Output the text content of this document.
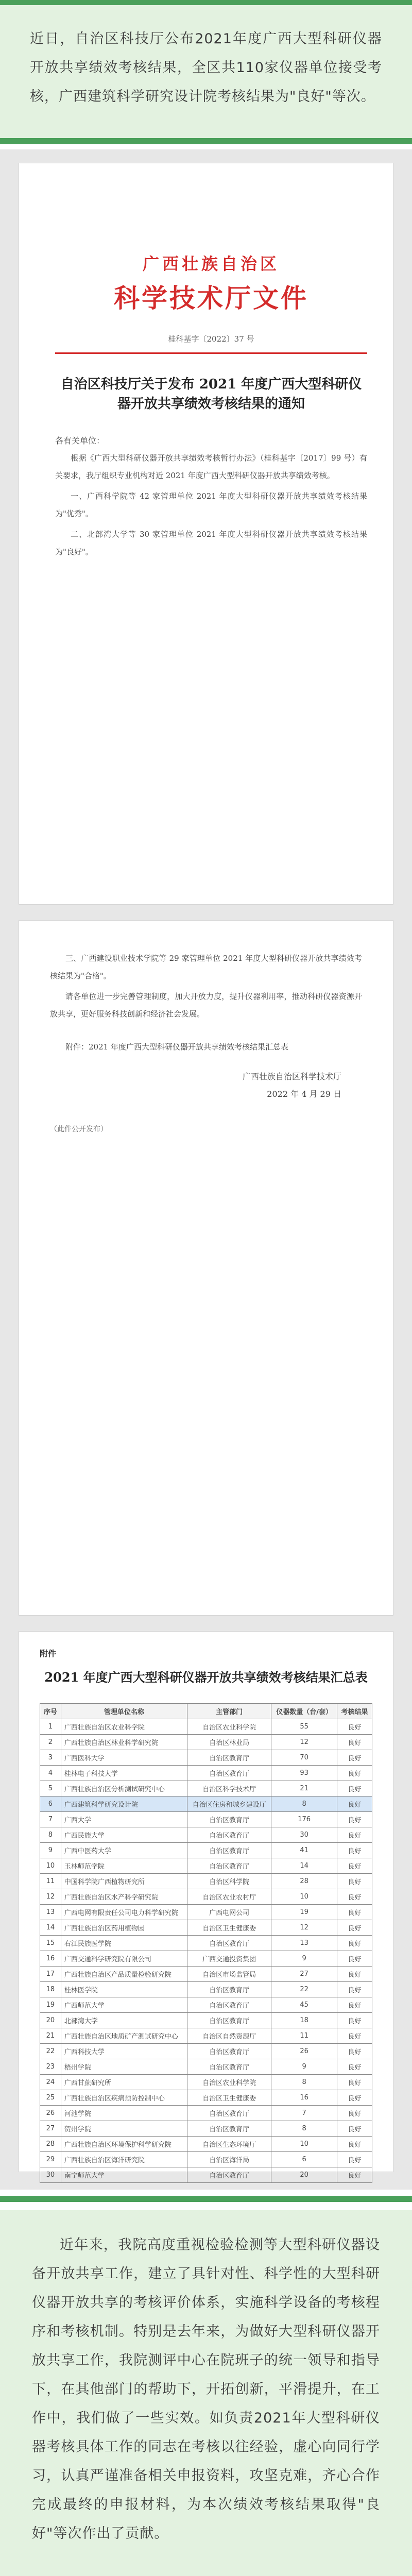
近日，自治区科技厅公布2021年度广西大型科研仪器开放共享绩效考核结果，全区共110家仪器单位接受考核，广西建筑科学研究设计院考核结果为"良好"等次。

广西壮族自治区
科学技术厅文件
桂科基字〔2022〕37 号
自治区科技厅关于发布 2021 年度广西大型科研仪器开放共享绩效考核结果的通知
各有关单位：

根据《广西大型科研仪器开放共享绩效考核暂行办法》（桂科基字〔2017〕99 号）有关要求，我厅组织专业机构对近 2021 年度广西大型科研仪器开放共享绩效考核。

一、广西科学院等 42 家管理单位 2021 年度大型科研仪器开放共享绩效考核结果为"优秀"。

二、北部湾大学等 30 家管理单位 2021 年度大型科研仪器开放共享绩效考核结果为"良好"。

三、广西建设职业技术学院等 29 家管理单位 2021 年度大型科研仪器开放共享绩效考核结果为"合格"。

请各单位进一步完善管理制度，加大开放力度，提升仪器利用率，推动科研仪器资源开放共享，更好服务科技创新和经济社会发展。

附件：2021 年度广西大型科研仪器开放共享绩效考核结果汇总表

广西壮族自治区科学技术厅
2022 年 4 月 29 日
（此件公开发布）
附件
2021 年度广西大型科研仪器开放共享绩效考核结果汇总表
序号	管理单位名称	主管部门	仪器数量（台/套）	考核结果
1	广西壮族自治区农业科学院	自治区农业科学院	55	良好
2	广西壮族自治区林业科学研究院	自治区林业局	12	良好
3	广西医科大学	自治区教育厅	70	良好
4	桂林电子科技大学	自治区教育厅	93	良好
5	广西壮族自治区分析测试研究中心	自治区科学技术厅	21	良好
6	广西建筑科学研究设计院	自治区住房和城乡建设厅	8	良好
7	广西大学	自治区教育厅	176	良好
8	广西民族大学	自治区教育厅	30	良好
9	广西中医药大学	自治区教育厅	41	良好
10	玉林师范学院	自治区教育厅	14	良好
11	中国科学院广西植物研究所	自治区科学院	28	良好
12	广西壮族自治区水产科学研究院	自治区农业农村厅	10	良好
13	广西电网有限责任公司电力科学研究院	广西电网公司	19	良好
14	广西壮族自治区药用植物园	自治区卫生健康委	12	良好
15	右江民族医学院	自治区教育厅	13	良好
16	广西交通科学研究院有限公司	广西交通投资集团	9	良好
17	广西壮族自治区产品质量检验研究院	自治区市场监管局	27	良好
18	桂林医学院	自治区教育厅	22	良好
19	广西师范大学	自治区教育厅	45	良好
20	北部湾大学	自治区教育厅	18	良好
21	广西壮族自治区地质矿产测试研究中心	自治区自然资源厅	11	良好
22	广西科技大学	自治区教育厅	26	良好
23	梧州学院	自治区教育厅	9	良好
24	广西甘蔗研究所	自治区农业科学院	8	良好
25	广西壮族自治区疾病预防控制中心	自治区卫生健康委	16	良好
26	河池学院	自治区教育厅	7	良好
27	贺州学院	自治区教育厅	8	良好
28	广西壮族自治区环境保护科学研究院	自治区生态环境厅	10	良好
29	广西壮族自治区海洋研究院	自治区海洋局	6	良好
30	南宁师范大学	自治区教育厅	20	良好

近年来，我院高度重视检验检测等大型科研仪器设备开放共享工作，建立了具针对性、科学性的大型科研仪器开放共享的考核评价体系，实施科学设备的考核程序和考核机制。特别是去年来，为做好大型科研仪器开放共享工作，我院测评中心在院班子的统一领导和指导下，在其他部门的帮助下，开拓创新，平滑提升，在工作中，我们做了一些实效。如负责2021年大型科研仪器考核具体工作的同志在考核以往经验，虚心向同行学习，认真严谨准备相关申报资料，攻坚克难，齐心合作完成最终的申报材料，为本次绩效考核结果取得"良好"等次作出了贡献。
